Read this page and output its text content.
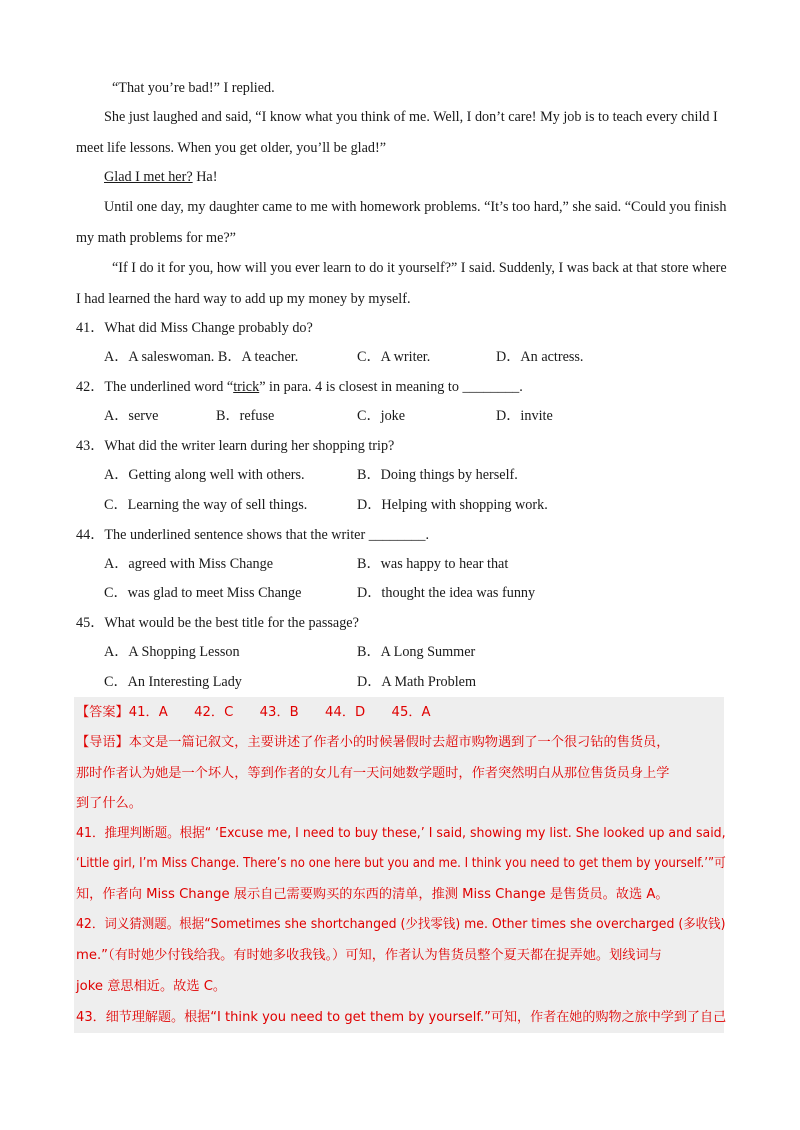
“That you’re bad!” I replied.
She just laughed and said, “I know what you think of me. Well, I don’t care! My job is to teach every child I
meet life lessons. When you get older, you’ll be glad!”
Glad I met her? Ha!
Until one day, my daughter came to me with homework problems. “It’s too hard,” she said. “Could you finish
my math problems for me?”
“If I do it for you, how will you ever learn to do it yourself?” I said. Suddenly, I was back at that store where
I had learned the hard way to add up my money by myself.
41．What did Miss Change probably do?
A．A saleswoman. B．A teacher.	C．A writer.	D．An actress.
42．The underlined word “trick” in para. 4 is closest in meaning to ________.
A．serve	B．refuse	C．joke	D．invite
43．What did the writer learn during her shopping trip?
A．Getting along well with others.	B．Doing things by herself.
C．Learning the way of sell things.	D．Helping with shopping work.
44．The underlined sentence shows that the writer ________.
A．agreed with Miss Change	B．was happy to hear that
C．was glad to meet Miss Change	D．thought the idea was funny
45．What would be the best title for the passage?
A．A Shopping Lesson	B．A Long Summer
C．An Interesting Lady	D．A Math Problem
【答案】41．A　　42．C　　43．B　　44．D　　45．A
【导语】本文是一篇记叙文，主要讲述了作者小的时候暑假时去超市购物遇到了一个很刁钻的售货员，
那时作者认为她是一个坏人，等到作者的女儿有一天问她数学题时，作者突然明白从那位售货员身上学
到了什么。
41．推理判断题。根据“ ‘Excuse me, I need to buy these,’ I said, showing my list. She looked up and said,
‘Little girl, I’m Miss Change. There’s no one here but you and me. I think you need to get them by yourself.’”可
知，作者向 Miss Change 展示自己需要购买的东西的清单，推测 Miss Change 是售货员。故选 A。
42．词义猜测题。根据“Sometimes she shortchanged (少找零钱) me. Other times she overcharged (多收钱)
me.”（有时她少付钱给我。有时她多收我钱。）可知，作者认为售货员整个夏天都在捉弄她。划线词与
joke 意思相近。故选 C。
43．细节理解题。根据“I think you need to get them by yourself.”可知，作者在她的购物之旅中学到了自己
